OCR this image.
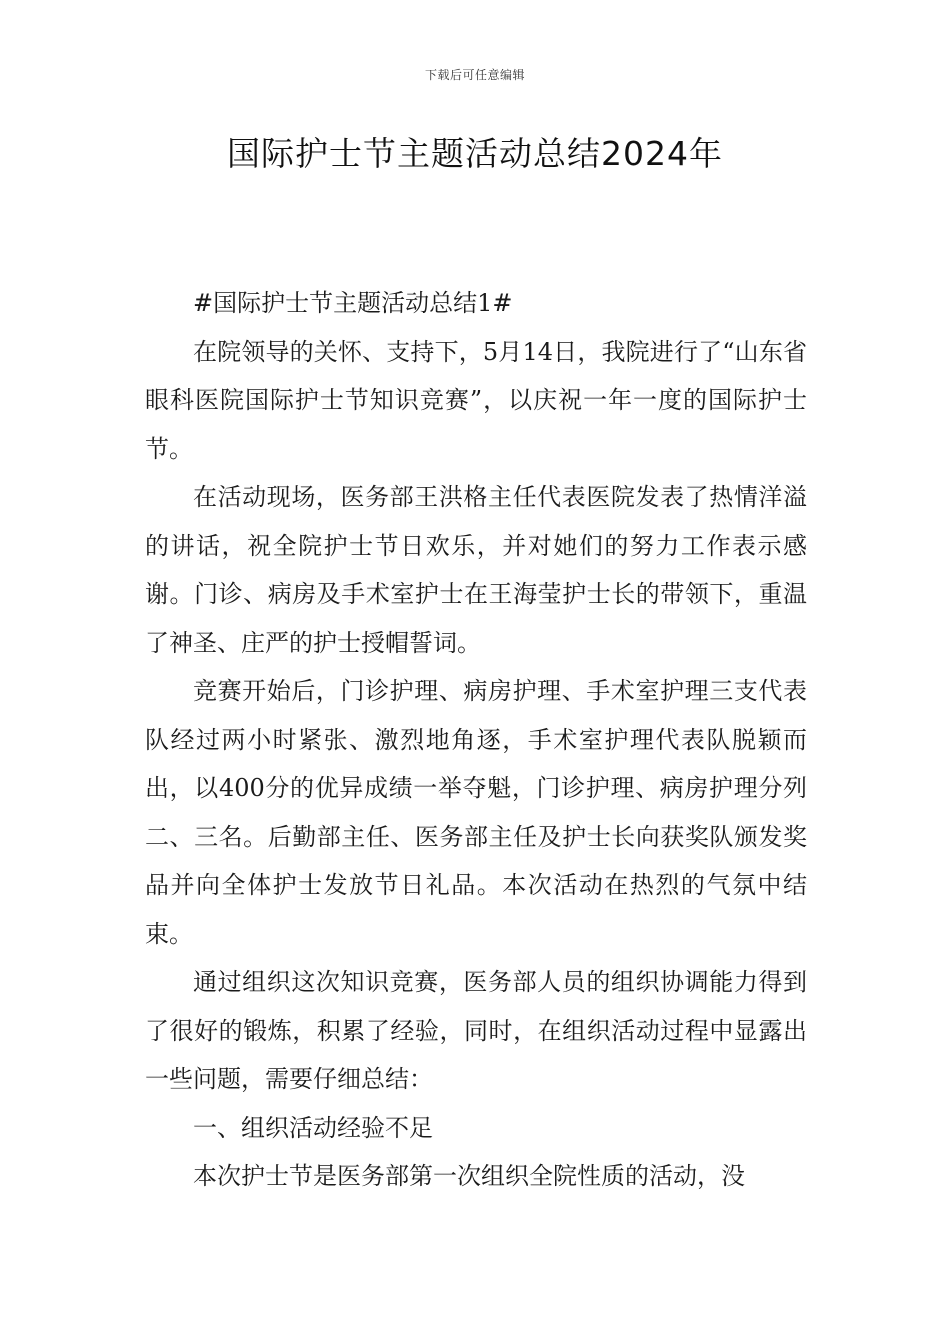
下载后可任意编辑
国际护士节主题活动总结2024年

#国际护士节主题活动总结1#

在院领导的关怀、支持下，5月14日，我院进行了“山东省眼科医院国际护士节知识竞赛”，以庆祝一年一度的国际护士节。

在活动现场，医务部王洪格主任代表医院发表了热情洋溢的讲话，祝全院护士节日欢乐，并对她们的努力工作表示感谢。门诊、病房及手术室护士在王海莹护士长的带领下，重温了神圣、庄严的护士授帽誓词。

竞赛开始后，门诊护理、病房护理、手术室护理三支代表队经过两小时紧张、激烈地角逐，手术室护理代表队脱颖而出，以400分的优异成绩一举夺魁，门诊护理、病房护理分列二、三名。后勤部主任、医务部主任及护士长向获奖队颁发奖品并向全体护士发放节日礼品。本次活动在热烈的气氛中结束。

通过组织这次知识竞赛，医务部人员的组织协调能力得到了很好的锻炼，积累了经验，同时，在组织活动过程中显露出一些问题，需要仔细总结：

一、组织活动经验不足

本次护士节是医务部第一次组织全院性质的活动，没
